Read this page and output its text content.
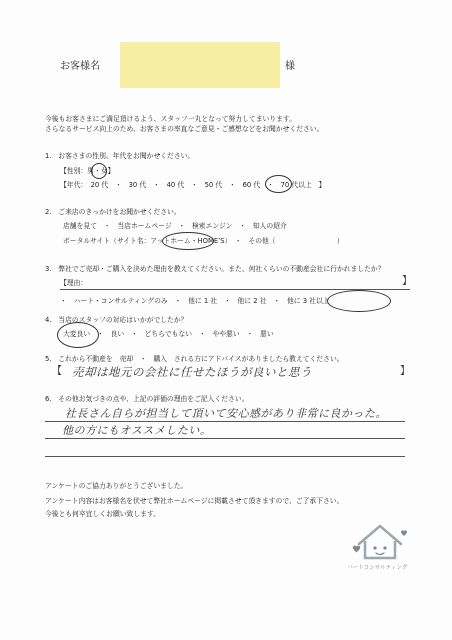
お客様名	様
今後もお客さまにご満足頂けるよう、スタッフ一丸となって努力してまいります。
さらなるサービス向上のため、お客さまの率直なご意見・ご感想などをお聞かせください。
1.　お客さまの性別、年代をお聞かせください。
【性別：男・女】
【年代：　20 代　・　30 代　・　40 代　・　50 代　・　60 代　・　70 代以上　】
2.　ご来店のきっかけをお聞かせください。
店舗を見て　・　当店ホームページ　・　検索エンジン　・　知人の紹介
ポータルサイト（サイト名：アットホーム・HOME’S）　・　その他（　　　　　　　　　）
3.　弊社でご売却・ご購入を決めた理由を教えてください。また、何社くらいの不動産会社に行かれましたか？
【理由：	】
・　ハート・コンサルティングのみ　・　他に 1 社　・　他に 2 社　・　他に 3 社以上
4.　当店のスタッフの対応はいかがでしたか？
大変良い　・　良い　・　どちらでもない　・　やや悪い　・　悪い
5.　これから不動産を　売却　・　購入　される方にアドバイスがありましたら教えてください。
【 売却は地元の会社に任せたほうが良いと思う	】
6.　その他お気づきの点や、上記の評価の理由をご記入ください。
社長さん自らが担当して頂いて安心感があり非常に良かった。
他の方にもオススメしたい。
アンケートのご協力ありがとうございました。
アンケート内容はお客様名を伏せて弊社ホームページに掲載させて頂きますので、ご了承下さい。
今後とも何卒宜しくお願い致します。
ハートコンサルティング
